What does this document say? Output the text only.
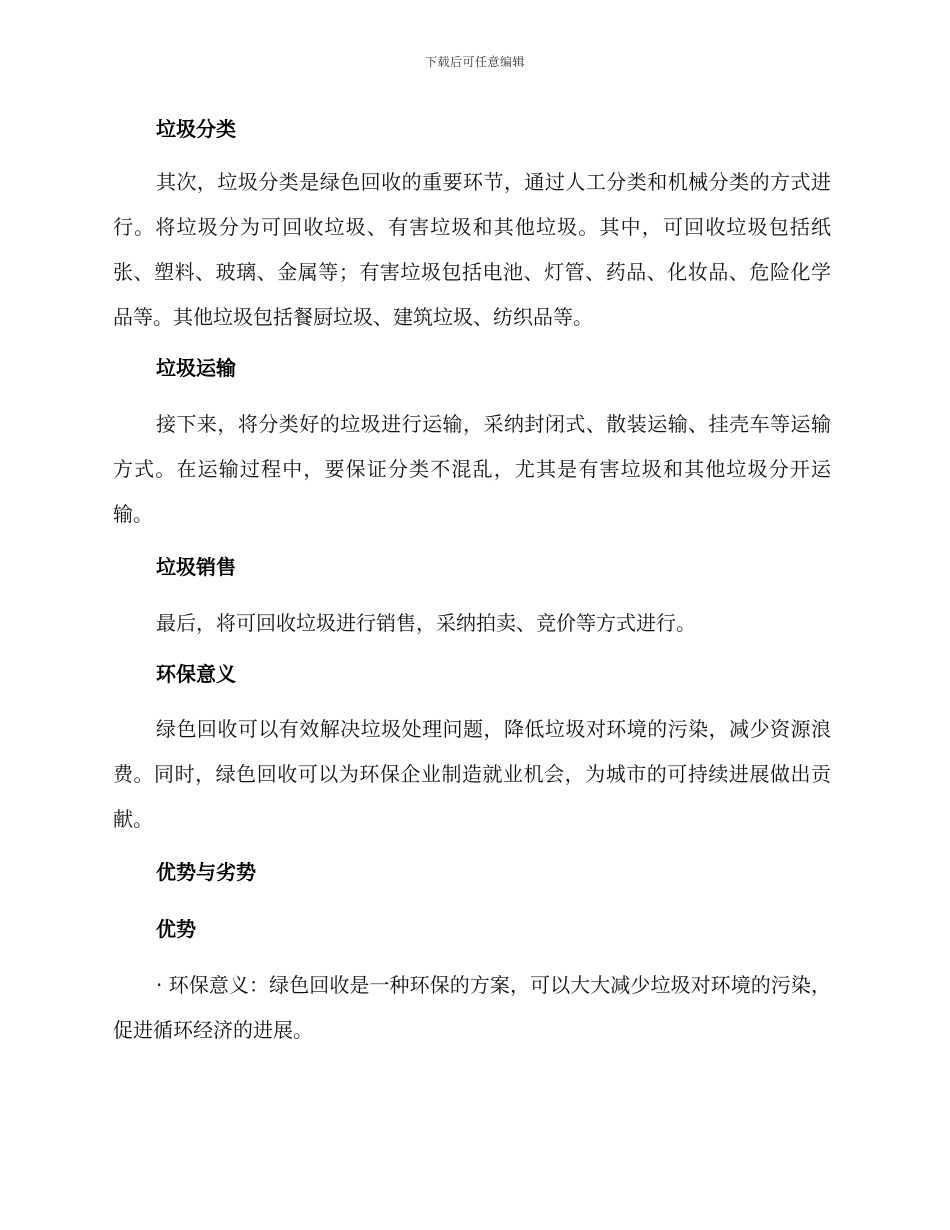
下载后可任意编辑
垃圾分类

其次，垃圾分类是绿色回收的重要环节，通过人工分类和机械分类的方式进行。将垃圾分为可回收垃圾、有害垃圾和其他垃圾。其中，可回收垃圾包括纸张、塑料、玻璃、金属等；有害垃圾包括电池、灯管、药品、化妆品、危险化学品等。其他垃圾包括餐厨垃圾、建筑垃圾、纺织品等。

垃圾运输

接下来，将分类好的垃圾进行运输，采纳封闭式、散装运输、挂壳车等运输方式。在运输过程中，要保证分类不混乱，尤其是有害垃圾和其他垃圾分开运输。

垃圾销售

最后，将可回收垃圾进行销售，采纳拍卖、竞价等方式进行。

环保意义

绿色回收可以有效解决垃圾处理问题，降低垃圾对环境的污染，减少资源浪费。同时，绿色回收可以为环保企业制造就业机会，为城市的可持续进展做出贡献。

优势与劣势
优势

· 环保意义：绿色回收是一种环保的方案，可以大大减少垃圾对环境的污染，促进循环经济的进展。
